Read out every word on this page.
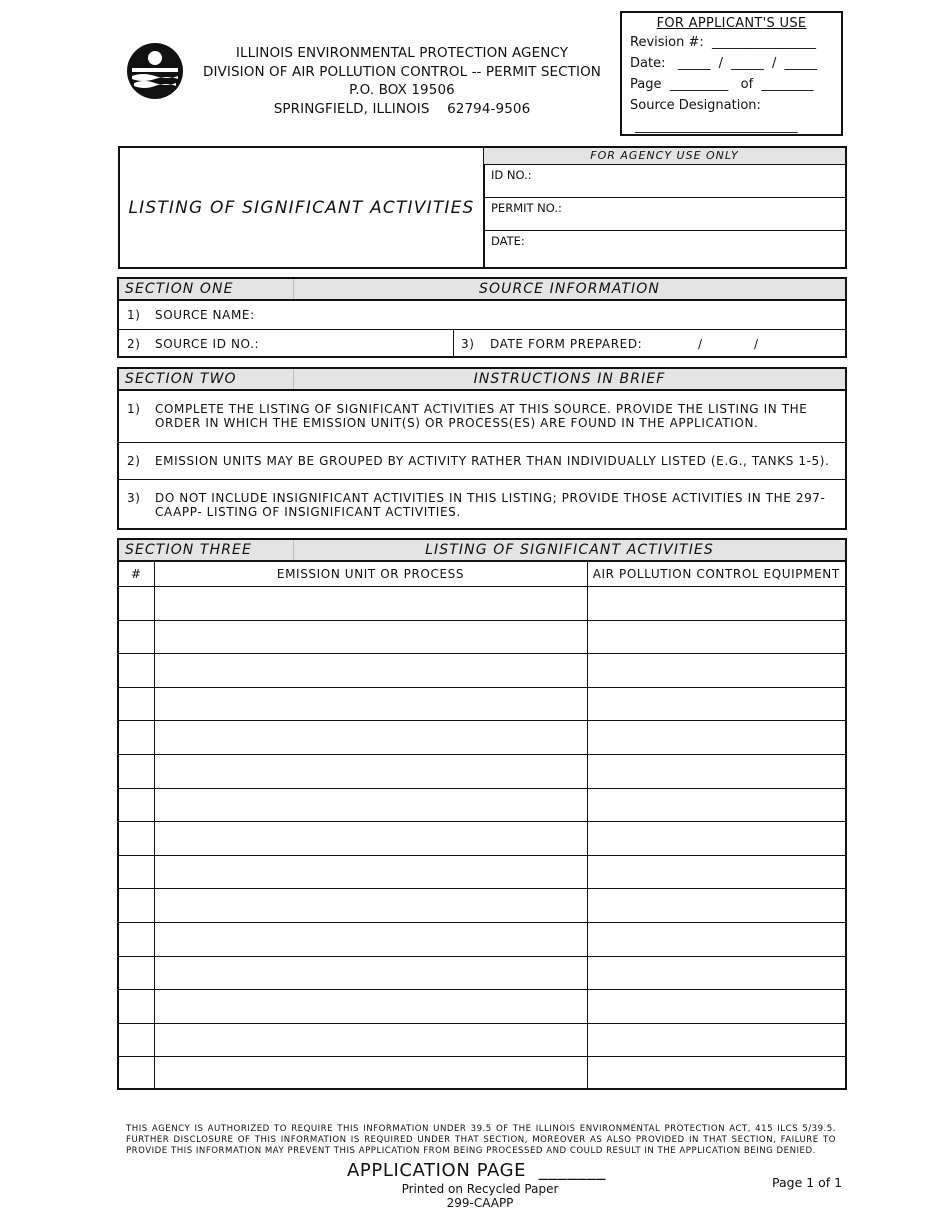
ILLINOIS ENVIRONMENTAL PROTECTION AGENCY
DIVISION OF AIR POLLUTION CONTROL -- PERMIT SECTION
P.O. BOX 19506
SPRINGFIELD, ILLINOIS    62794-9506
FOR APPLICANT'S USE
Revision #:  ________________
Date:   _____  /  _____  /  _____
Page  _________   of  ________
Source Designation:
_________________________
LISTING OF SIGNIFICANT ACTIVITIES
FOR AGENCY USE ONLY
ID NO.:
PERMIT NO.:
DATE:
SECTION ONE	SOURCE INFORMATION
1) SOURCE NAME:
2) SOURCE ID NO.:	3) DATE FORM PREPARED:	/	/
SECTION TWO	INSTRUCTIONS IN BRIEF
1) COMPLETE THE LISTING OF SIGNIFICANT ACTIVITIES AT THIS SOURCE. PROVIDE THE LISTING IN THE ORDER IN WHICH THE EMISSION UNIT(S) OR PROCESS(ES) ARE FOUND IN THE APPLICATION.
2) EMISSION UNITS MAY BE GROUPED BY ACTIVITY RATHER THAN INDIVIDUALLY LISTED (E.G., TANKS 1-5).
3) DO NOT INCLUDE INSIGNIFICANT ACTIVITIES IN THIS LISTING; PROVIDE THOSE ACTIVITIES IN THE 297-CAAPP- LISTING OF INSIGNIFICANT ACTIVITIES.
SECTION THREE	LISTING OF SIGNIFICANT ACTIVITIES
#	EMISSION UNIT OR PROCESS	AIR POLLUTION CONTROL EQUIPMENT

THIS AGENCY IS AUTHORIZED TO REQUIRE THIS INFORMATION UNDER 39.5 OF THE ILLINOIS ENVIRONMENTAL PROTECTION ACT, 415 ILCS 5/39.5. FURTHER DISCLOSURE OF THIS INFORMATION IS REQUIRED UNDER THAT SECTION, MOREOVER AS ALSO PROVIDED IN THAT SECTION, FAILURE TO PROVIDE THIS INFORMATION MAY PREVENT THIS APPLICATION FROM BEING PROCESSED AND COULD RESULT IN THE APPLICATION BEING DENIED.
APPLICATION PAGE  _______
Printed on Recycled Paper
299-CAAPP
Page 1 of 1
